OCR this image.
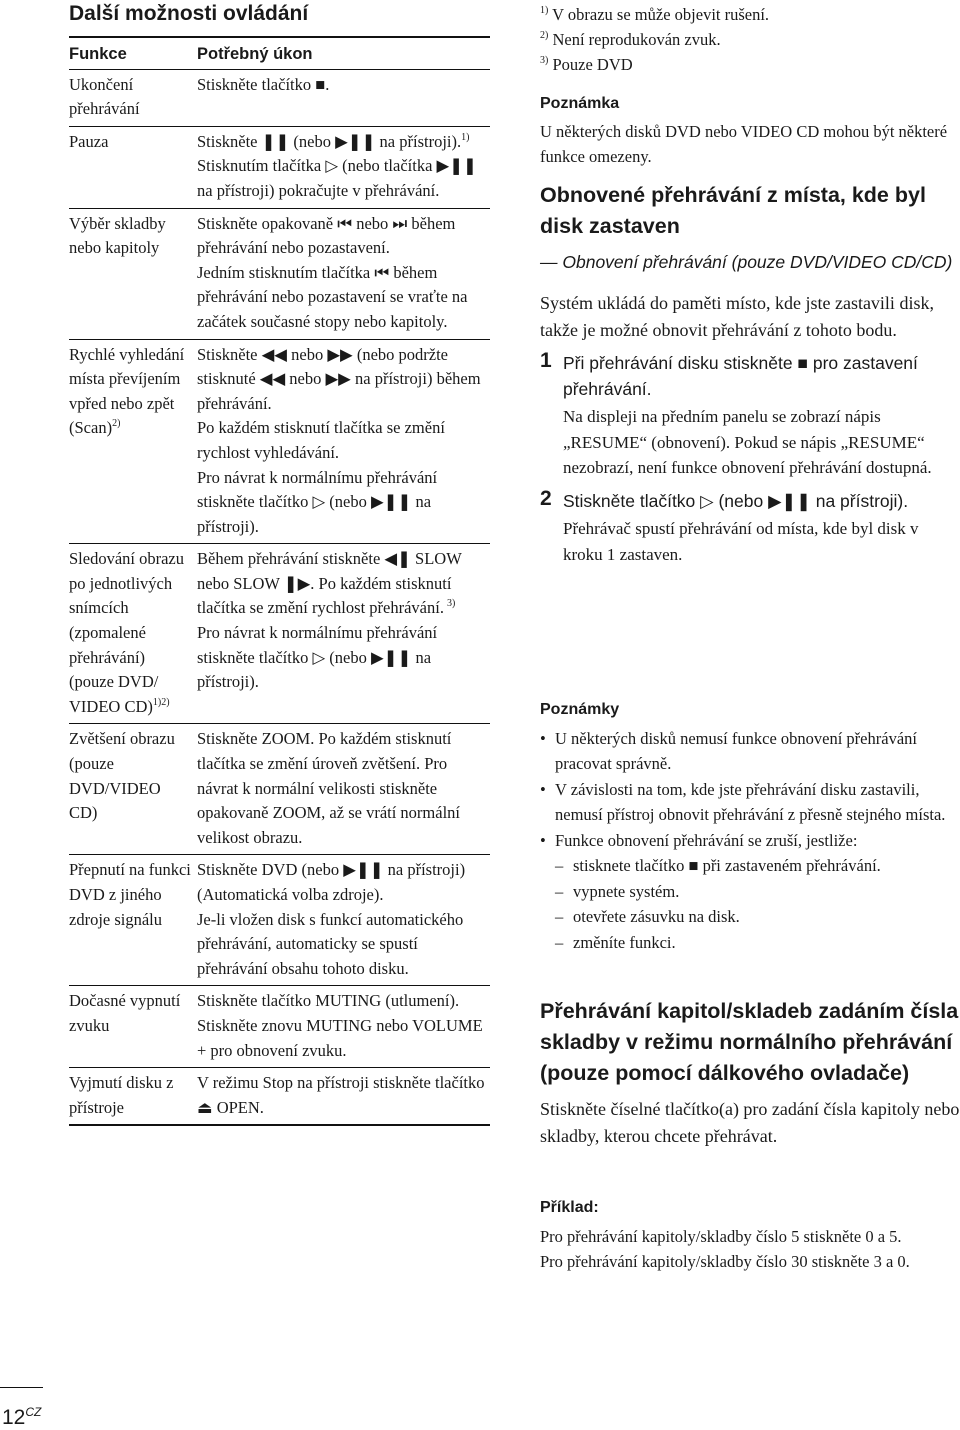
Další možnosti ovládání
Funkce	Potřebný úkon
Ukončení přehrávání	Stiskněte tlačítko ■.

Pauza	Stiskněte ❚❚ (nebo ▶❚❚ na přístroji).$^{1)}$

Stisknutím tlačítka ▷ (nebo tlačítka ▶❚❚ na přístroji) pokračujte v přehrávání.

Výběr skladby nebo kapitoly	Stiskněte opakovaně ⏮ nebo ⏭ během přehrávání nebo pozastavení.

Jedním stisknutím tlačítka ⏮ během přehrávání nebo pozastavení se vraťte na začátek současné stopy nebo kapitoly.

Rychlé vyhledání místa převíjením vpřed nebo zpět (Scan)$^{2)}$	Stiskněte ◀◀ nebo ▶▶ (nebo podržte stisknuté ◀◀ nebo ▶▶ na přístroji) během přehrávání.

Po každém stisknutí tlačítka se změní rychlost vyhledávání.

Pro návrat k normálnímu přehrávání stiskněte tlačítko ▷ (nebo ▶❚❚ na přístroji).

Sledování obrazu po jednotlivých snímcích (zpomalené přehrávání) (pouze DVD/ VIDEO CD)$^{1)2)}$	Během přehrávání stiskněte ◀❚ SLOW nebo SLOW ❚▶. Po každém stisknutí tlačítka se změní rychlost přehrávání. $^{3)}$

Pro návrat k normálnímu přehrávání stiskněte tlačítko ▷ (nebo ▶❚❚ na přístroji).

Zvětšení obrazu (pouze DVD/VIDEO CD)	Stiskněte ZOOM. Po každém stisknutí tlačítka se změní úroveň zvětšení. Pro návrat k normální velikosti stiskněte opakovaně ZOOM, až se vrátí normální velikost obrazu.

Přepnutí na funkci DVD z jiného zdroje signálu	Stiskněte DVD (nebo ▶❚❚ na přístroji) (Automatická volba zdroje).

Je-li vložen disk s funkcí automatického přehrávání, automaticky se spustí přehrávání obsahu tohoto disku.

Dočasné vypnutí zvuku	Stiskněte tlačítko MUTING (utlumení).

Stiskněte znovu MUTING nebo VOLUME + pro obnovení zvuku.

Vyjmutí disku z přístroje	V režimu Stop na přístroji stiskněte tlačítko ⏏ OPEN.

$^{1)}$ V obrazu se může objevit rušení.
$^{2)}$ Není reprodukován zvuk.
$^{3)}$ Pouze DVD

Poznámka

U některých disků DVD nebo VIDEO CD mohou být některé funkce omezeny.

Obnovené přehrávání z místa, kde byl disk zastaven

— Obnovení přehrávání (pouze DVD/VIDEO CD/CD)

Systém ukládá do paměti místo, kde jste zastavili disk, takže je možné obnovit přehrávání z tohoto bodu.

1 Při přehrávání disku stiskněte ■ pro zastavení přehrávání.

Na displeji na předním panelu se zobrazí nápis „RESUME“ (obnovení). Pokud se nápis „RESUME“ nezobrazí, není funkce obnovení přehrávání dostupná.

2 Stiskněte tlačítko ▷ (nebo ▶❚❚ na přístroji).

Přehrávač spustí přehrávání od místa, kde byl disk v kroku 1 zastaven.

Poznámky

• U některých disků nemusí funkce obnovení přehrávání pracovat správně.
• V závislosti na tom, kde jste přehrávání disku zastavili, nemusí přístroj obnovit přehrávání z přesně stejného místa.
• Funkce obnovení přehrávání se zruší, jestliže:
– stisknete tlačítko ■ při zastaveném přehrávání.
– vypnete systém.
– otevřete zásuvku na disk.
– změníte funkci.

Přehrávání kapitol/skladeb zadáním čísla skladby v režimu normálního přehrávání (pouze pomocí dálkového ovladače)

Stiskněte číselné tlačítko(a) pro zadání čísla kapitoly nebo skladby, kterou chcete přehrávat.

Příklad:

Pro přehrávání kapitoly/skladby číslo 5 stiskněte 0 a 5.

Pro přehrávání kapitoly/skladby číslo 30 stiskněte 3 a 0.

$12^{CZ}$
